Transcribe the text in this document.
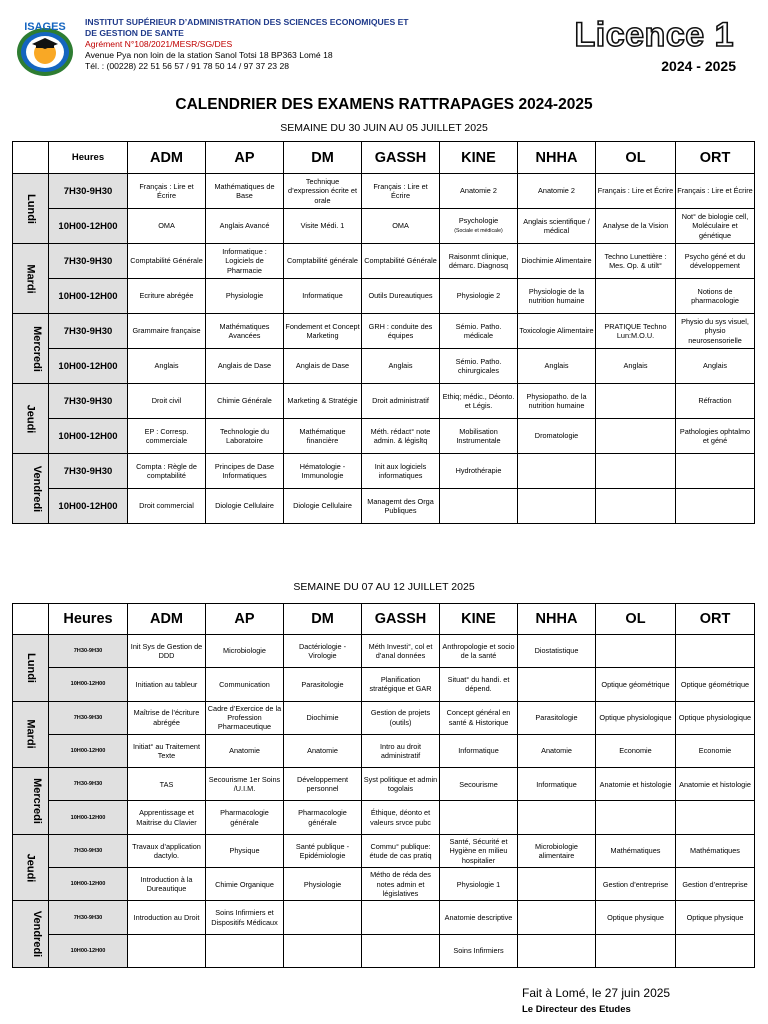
ISAGES INSTITUT SUPÉRIEUR D’ADMINISTRATION DES SCIENCES ECONOMIQUES ET
DE GESTION DE SANTE
Agrément N°108/2021/MESR/SG/DES
Avenue Pya non loin de la station Sanol Totsi 18 BP363 Lomé 18
Tél. : (00228) 22 51 56 57 / 91 78 50 14 / 97 37 23 28
Licence 1
2024 - 2025
CALENDRIER DES EXAMENS RATTRAPAGES 2024-2025
SEMAINE DU 30 JUIN AU 05 JUILLET 2025
	Heures	ADM	AP	DM	GASSH	KINE	NHHA	OL	ORT
Lundi	7H30-9H30	Français : Lire et Écrire	Mathématiques de Base	Technique d’expression écrite et orale	Français : Lire et Écrire	Anatomie 2	Anatomie 2	Français : Lire et Écrire	Français : Lire et Écrire
	10H00-12H00	OMA	Anglais Avancé	Visite Médi. 1	OMA	Psychologie
(Sociale et médicale)	Anglais scientifique / médical	Analyse de la Vision	Not° de biologie cell, Moléculaire et génétique
Mardi	7H30-9H30	Comptabilité Générale	Informatique : Logiciels de Pharmacie	Comptabilité générale	Comptabilité Générale	Raisonmt clinique, démarc. Diagnosq	Diochimie Alimentaire	Techno Lunettière : Mes. Op. & utilt°	Psycho géné et du développement
	10H00-12H00	Ecriture abrégée	Physiologie	Informatique	Outils Dureautiques	Physiologie 2	Physiologie de la nutrition humaine		Notions de pharmacologie
Mercredi	7H30-9H30	Grammaire française	Mathématiques Avancées	Fondement et Concept Marketing	GRH : conduite des équipes	Sémio. Patho. médicale	Toxicologie Alimentaire	PRATIQUE Techno Lun:M.O.U.	Physio du sys visuel, physio neurosensorielle
	10H00-12H00	Anglais	Anglais de Dase	Anglais de Dase	Anglais	Sémio. Patho. chirurgicales	Anglais	Anglais	Anglais
Jeudi	7H30-9H30	Droit civil	Chimie Générale	Marketing & Stratégie	Droit administratif	Ethiq; médic., Déonto. et Légis.	Physiopatho. de la nutrition humaine		Réfraction
	10H00-12H00	EP : Corresp. commerciale	Technologie du Laboratoire	Mathématique financière	Méth. rédact° note admin. & législtq	Mobilisation Instrumentale	Dromatologie		Pathologies ophtalmo et géné
Vendredi	7H30-9H30	Compta : Règle de comptabilité	Principes de Dase Informatiques	Hématologie - Immunologie	Init aux logiciels informatiques	Hydrothérapie			
	10H00-12H00	Droit commercial	Diologie Cellulaire	Diologie Cellulaire	Managemt des Orga Publiques				
SEMAINE DU 07 AU 12 JUILLET 2025
	Heures	ADM	AP	DM	GASSH	KINE	NHHA	OL	ORT
Lundi	7H30-9H30	Init Sys de Gestion de DDD	Microbiologie	Dactériologie - Virologie	Méth Investi°, col et d’anal données	Anthropologie et socio de la santé	Diostatistique		
	10H00-12H00	Initiation au tableur	Communication	Parasitologie	Planification stratégique et GAR	Situat° du handi. et dépend.		Optique géométrique	Optique géométrique
Mardi	7H30-9H30	Maîtrise de l’écriture abrégée	Cadre d’Exercice de la Profession Pharmaceutique	Diochimie	Gestion de projets (outils)	Concept général en santé & Historique	Parasitologie	Optique physiologique	Optique physiologique
	10H00-12H00	Initiat° au Traitement Texte	Anatomie	Anatomie	Intro au droit administratif	Informatique	Anatomie	Economie	Economie
Mercredi	7H30-9H30	TAS	Secourisme 1er Soins /U.I.M.	Développement personnel	Syst politique et admin togolais	Secourisme	Informatique	Anatomie et histologie	Anatomie et histologie
	10H00-12H00	Apprentissage et Maitrise du Clavier	Pharmacologie générale	Pharmacologie générale	Éthique, déonto et valeurs srvce pubc				
Jeudi	7H30-9H30	Travaux d’application dactylo.	Physique	Santé publique - Epidémiologie	Commu° publique: étude de cas pratiq	Santé, Sécurité et Hygiène en milieu hospitalier	Microbiologie alimentaire	Mathématiques	Mathématiques
	10H00-12H00	Introduction à la Dureautique	Chimie Organique	Physiologie	Métho de réda des notes admin et législatives	Physiologie 1		Gestion d’entreprise	Gestion d’entreprise
Vendredi	7H30-9H30	Introduction au Droit	Soins Infirmiers et Dispositifs Médicaux			Anatomie descriptive		Optique physique	Optique physique
	10H00-12H00					Soins Infirmiers			
Fait à Lomé, le 27 juin 2025
Le Directeur des Etudes
